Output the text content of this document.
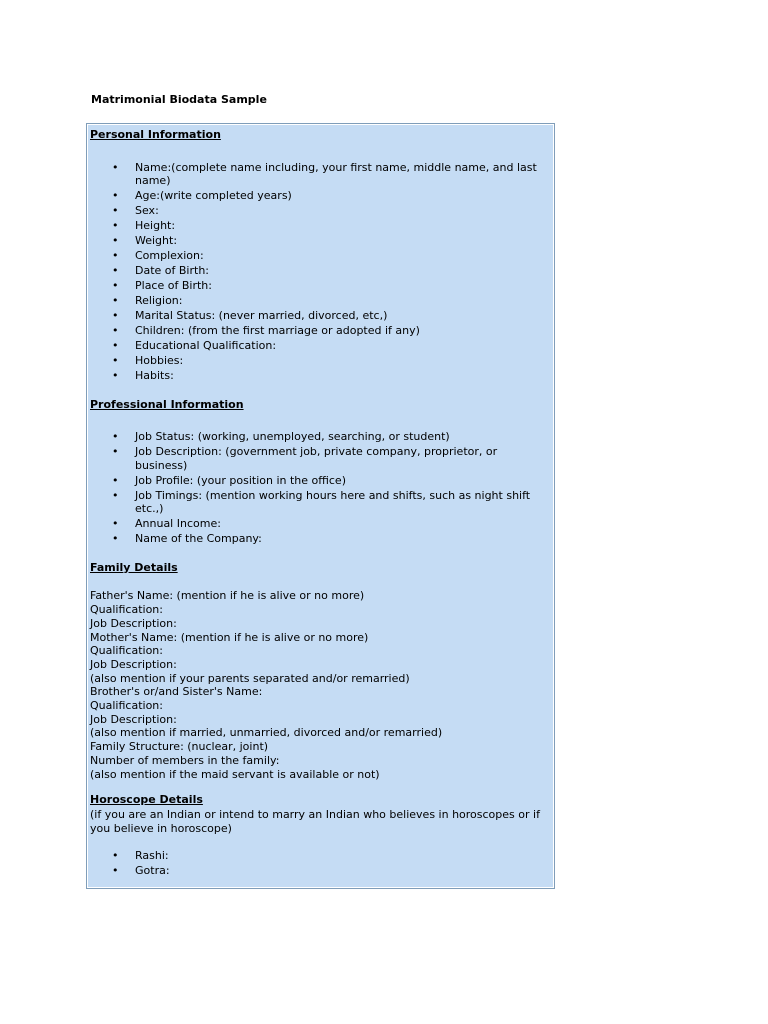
Matrimonial Biodata Sample
Personal Information
• Name:(complete name including, your first name, middle name, and last name)
• Age:(write completed years)
• Sex:
• Height:
• Weight:
• Complexion:
• Date of Birth:
• Place of Birth:
• Religion:
• Marital Status: (never married, divorced, etc,)
• Children: (from the first marriage or adopted if any)
• Educational Qualification:
• Hobbies:
• Habits:
Professional Information
• Job Status: (working, unemployed, searching, or student)
• Job Description: (government job, private company, proprietor, or business)
• Job Profile: (your position in the office)
• Job Timings: (mention working hours here and shifts, such as night shift etc.,)
• Annual Income:
• Name of the Company:
Family Details
Father's Name: (mention if he is alive or no more)
Qualification:
Job Description:
Mother's Name: (mention if he is alive or no more)
Qualification:
Job Description:
(also mention if your parents separated and/or remarried)
Brother's or/and Sister's Name:
Qualification:
Job Description:
(also mention if married, unmarried, divorced and/or remarried)
Family Structure: (nuclear, joint)
Number of members in the family:
(also mention if the maid servant is available or not)
Horoscope Details
(if you are an Indian or intend to marry an Indian who believes in horoscopes or if you believe in horoscope)
• Rashi:
• Gotra:
